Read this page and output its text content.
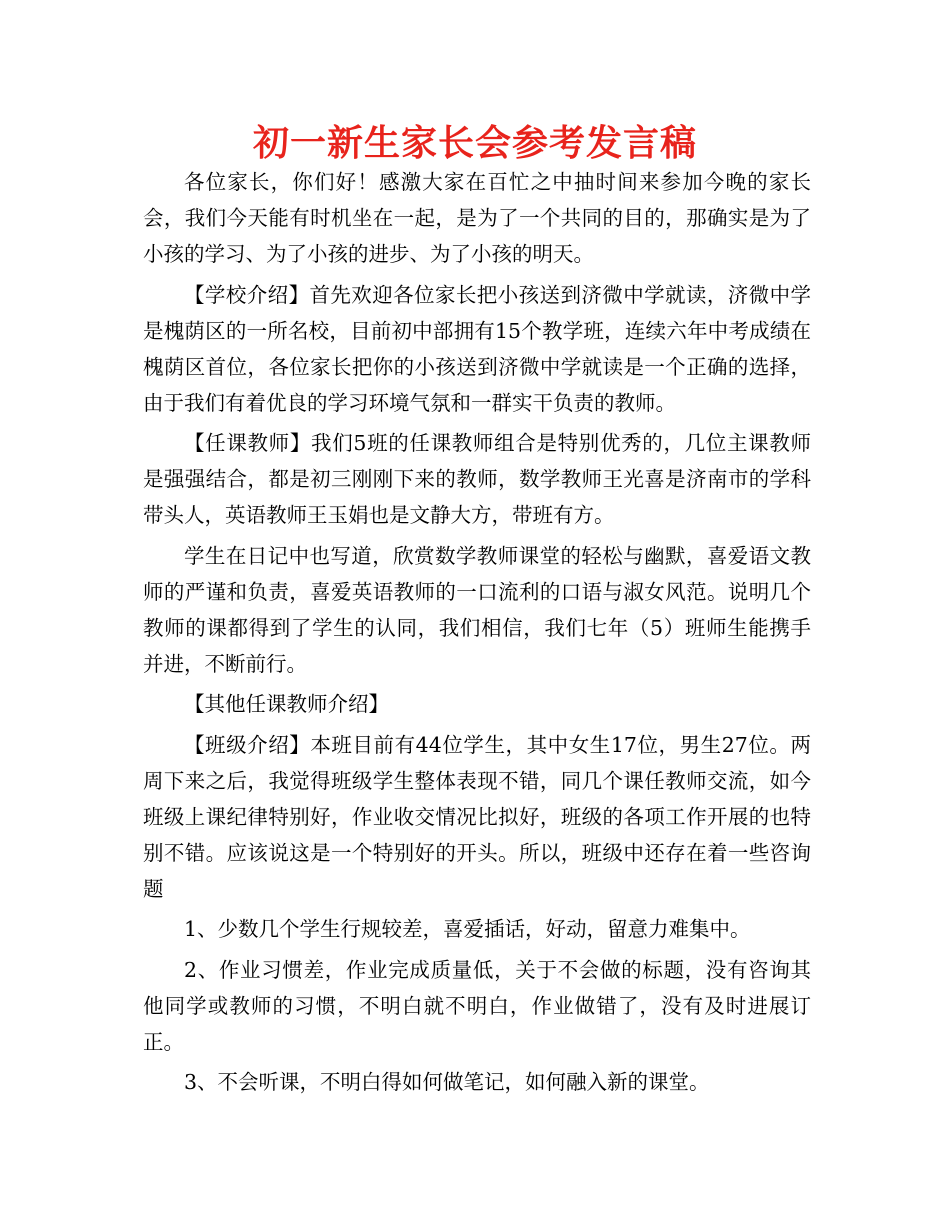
初一新生家长会参考发言稿

各位家长，你们好！感激大家在百忙之中抽时间来参加今晚的家长会，我们今天能有时机坐在一起，是为了一个共同的目的，那确实是为了小孩的学习、为了小孩的进步、为了小孩的明天。

【学校介绍】首先欢迎各位家长把小孩送到济微中学就读，济微中学是槐荫区的一所名校，目前初中部拥有15个教学班，连续六年中考成绩在槐荫区首位，各位家长把你的小孩送到济微中学就读是一个正确的选择，由于我们有着优良的学习环境气氛和一群实干负责的教师。

【任课教师】我们5班的任课教师组合是特别优秀的，几位主课教师是强强结合，都是初三刚刚下来的教师，数学教师王光喜是济南市的学科带头人，英语教师王玉娟也是文静大方，带班有方。

学生在日记中也写道，欣赏数学教师课堂的轻松与幽默，喜爱语文教师的严谨和负责，喜爱英语教师的一口流利的口语与淑女风范。说明几个教师的课都得到了学生的认同，我们相信，我们七年（5）班师生能携手并进，不断前行。

【其他任课教师介绍】

【班级介绍】本班目前有44位学生，其中女生17位，男生27位。两周下来之后，我觉得班级学生整体表现不错，同几个课任教师交流，如今班级上课纪律特别好，作业收交情况比拟好，班级的各项工作开展的也特别不错。应该说这是一个特别好的开头。所以，班级中还存在着一些咨询题

1、少数几个学生行规较差，喜爱插话，好动，留意力难集中。

2、作业习惯差，作业完成质量低，关于不会做的标题，没有咨询其他同学或教师的习惯，不明白就不明白，作业做错了，没有及时进展订正。

3、不会听课，不明白得如何做笔记，如何融入新的课堂。
